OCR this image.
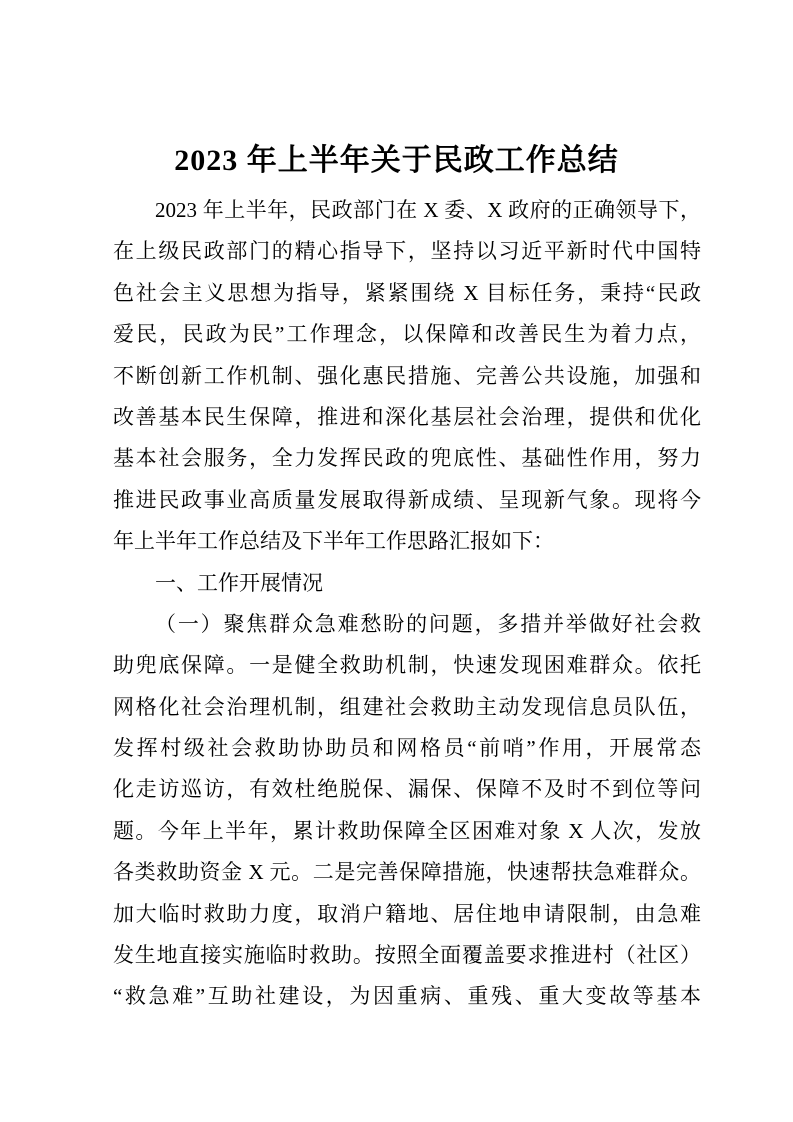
2023 年上半年关于民政工作总结
2023 年上半年，民政部门在 X 委、X 政府的正确领导下，
在上级民政部门的精心指导下，坚持以习近平新时代中国特
色社会主义思想为指导，紧紧围绕 X 目标任务，秉持“民政
爱民，民政为民”工作理念，以保障和改善民生为着力点，
不断创新工作机制、强化惠民措施、完善公共设施，加强和
改善基本民生保障，推进和深化基层社会治理，提供和优化
基本社会服务，全力发挥民政的兜底性、基础性作用，努力
推进民政事业高质量发展取得新成绩、呈现新气象。现将今
年上半年工作总结及下半年工作思路汇报如下：
一、工作开展情况
（一）聚焦群众急难愁盼的问题，多措并举做好社会救
助兜底保障。一是健全救助机制，快速发现困难群众。依托
网格化社会治理机制，组建社会救助主动发现信息员队伍，
发挥村级社会救助协助员和网格员“前哨”作用，开展常态
化走访巡访，有效杜绝脱保、漏保、保障不及时不到位等问
题。今年上半年，累计救助保障全区困难对象 X 人次，发放
各类救助资金 X 元。二是完善保障措施，快速帮扶急难群众。
加大临时救助力度，取消户籍地、居住地申请限制，由急难
发生地直接实施临时救助。按照全面覆盖要求推进村（社区）
“救急难”互助社建设，为因重病、重残、重大变故等基本
